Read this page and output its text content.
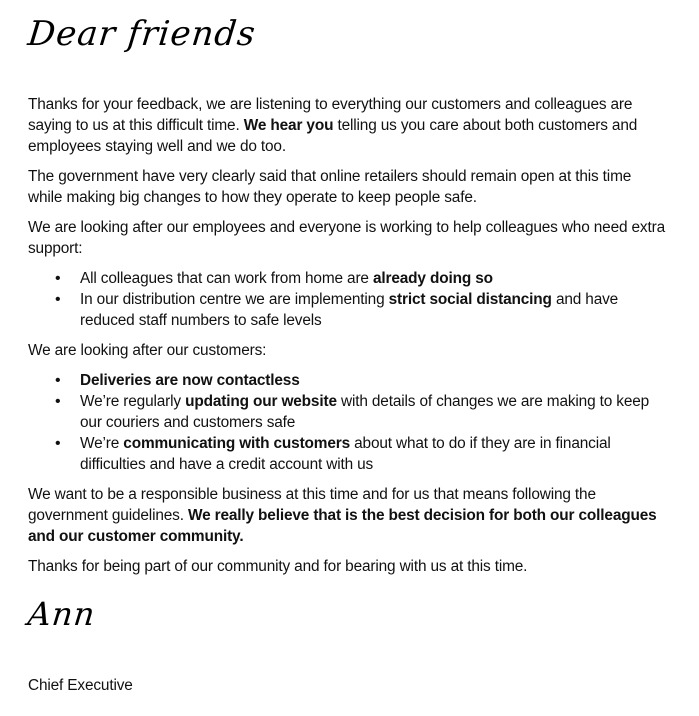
Dear friends

Thanks for your feedback, we are listening to everything our customers and colleagues are saying to us at this difficult time. We hear you telling us you care about both customers and employees staying well and we do too.

The government have very clearly said that online retailers should remain open at this time while making big changes to how they operate to keep people safe.

We are looking after our employees and everyone is working to help colleagues who need extra support:

• All colleagues that can work from home are already doing so
• In our distribution centre we are implementing strict social distancing and have reduced staff numbers to safe levels

We are looking after our customers:

• Deliveries are now contactless
• We’re regularly updating our website with details of changes we are making to keep our couriers and customers safe
• We’re communicating with customers about what to do if they are in financial difficulties and have a credit account with us

We want to be a responsible business at this time and for us that means following the government guidelines. We really believe that is the best decision for both our colleagues and our customer community.

Thanks for being part of our community and for bearing with us at this time.

Ann
Chief Executive
